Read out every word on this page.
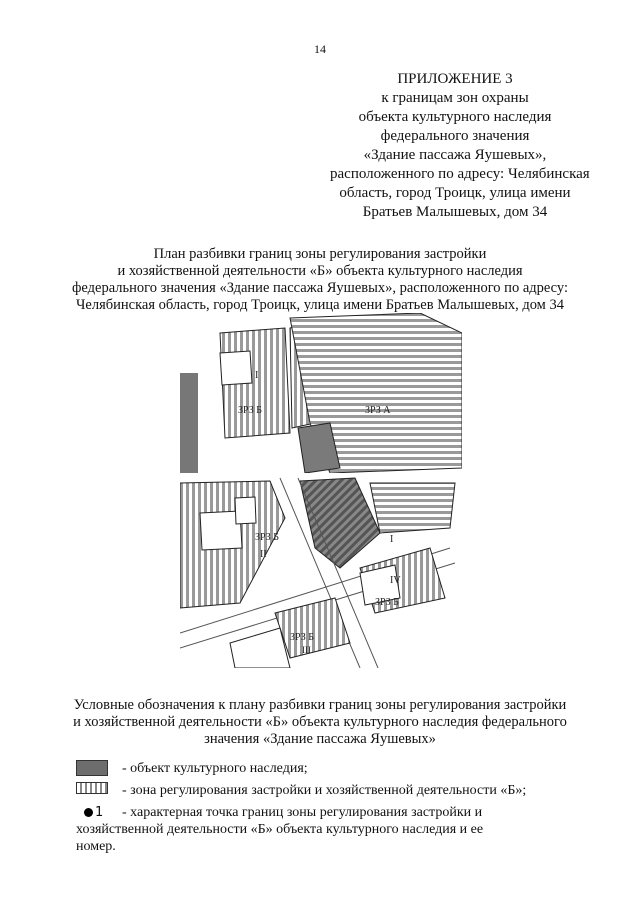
14
ПРИЛОЖЕНИЕ 3
к границам зон охраны
объекта культурного наследия
федерального значения
«Здание пассажа Яушевых»,
расположенного по адресу: Челябинская
область, город Троицк, улица имени
Братьев Малышевых, дом 34
План разбивки границ зоны регулирования застройки
и хозяйственной деятельности «Б» объекта культурного наследия
федерального значения «Здание пассажа Яушевых», расположенного по адресу:
Челябинская область, город Троицк, улица имени Братьев Малышевых, дом 34
I
ЗРЗ Б	ЗРЗ А
ЗРЗ Б
II
I
IV
ЗРЗ Б
ЗРЗ Б
III
Условные обозначения к плану разбивки границ зоны регулирования застройки
и хозяйственной деятельности «Б» объекта культурного наследия федерального
значения «Здание пассажа Яушевых»
- объект культурного наследия;
- зона регулирования застройки и хозяйственной деятельности «Б»;
1 - характерная точка границ зоны регулирования застройки и
хозяйственной деятельности «Б» объекта культурного наследия и ее
номер.
